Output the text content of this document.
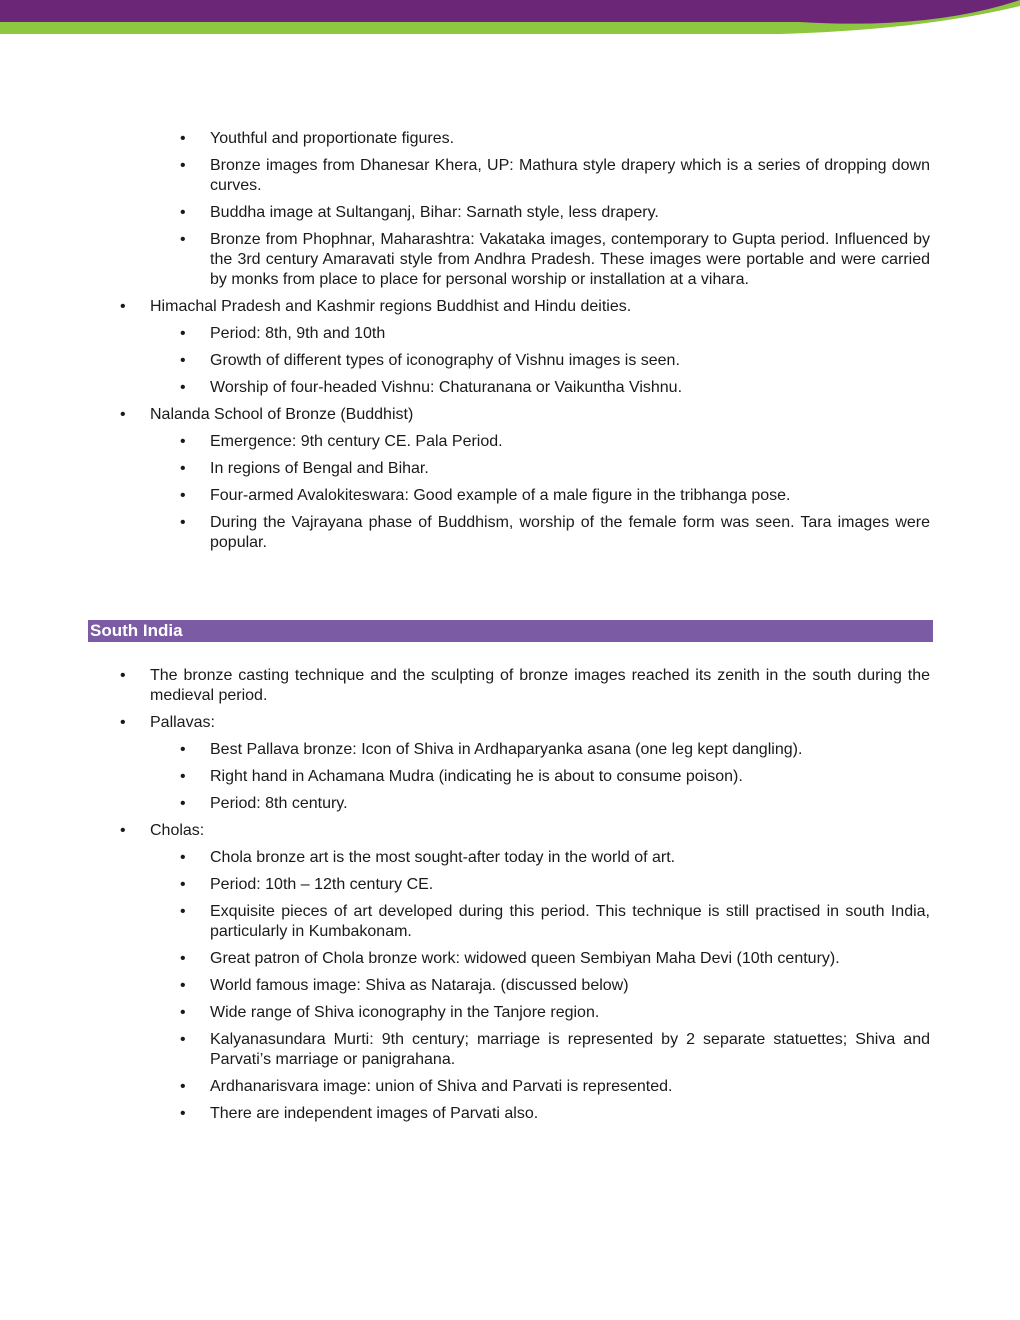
• Youthful and proportionate figures.
• Bronze images from Dhanesar Khera, UP: Mathura style drapery which is a series of dropping down curves.
• Buddha image at Sultanganj, Bihar: Sarnath style, less drapery.
• Bronze from Phophnar, Maharashtra: Vakataka images, contemporary to Gupta period. Influenced by the 3rd century Amaravati style from Andhra Pradesh. These images were portable and were carried by monks from place to place for personal worship or installation at a vihara.
• Himachal Pradesh and Kashmir regions Buddhist and Hindu deities.
• Period: 8th, 9th and 10th
• Growth of different types of iconography of Vishnu images is seen.
• Worship of four-headed Vishnu: Chaturanana or Vaikuntha Vishnu.
• Nalanda School of Bronze (Buddhist)
• Emergence: 9th century CE. Pala Period.
• In regions of Bengal and Bihar.
• Four-armed Avalokiteswara: Good example of a male figure in the tribhanga pose.
• During the Vajrayana phase of Buddhism, worship of the female form was seen. Tara images were popular.
South India
• The bronze casting technique and the sculpting of bronze images reached its zenith in the south during the medieval period.
• Pallavas:
• Best Pallava bronze: Icon of Shiva in Ardhaparyanka asana (one leg kept dangling).
• Right hand in Achamana Mudra (indicating he is about to consume poison).
• Period: 8th century.
• Cholas:
• Chola bronze art is the most sought-after today in the world of art.
• Period: 10th – 12th century CE.
• Exquisite pieces of art developed during this period. This technique is still practised in south India, particularly in Kumbakonam.
• Great patron of Chola bronze work: widowed queen Sembiyan Maha Devi (10th century).
• World famous image: Shiva as Nataraja. (discussed below)
• Wide range of Shiva iconography in the Tanjore region.
• Kalyanasundara Murti: 9th century; marriage is represented by 2 separate statuettes; Shiva and Parvati’s marriage or panigrahana.
• Ardhanarisvara image: union of Shiva and Parvati is represented.
• There are independent images of Parvati also.
